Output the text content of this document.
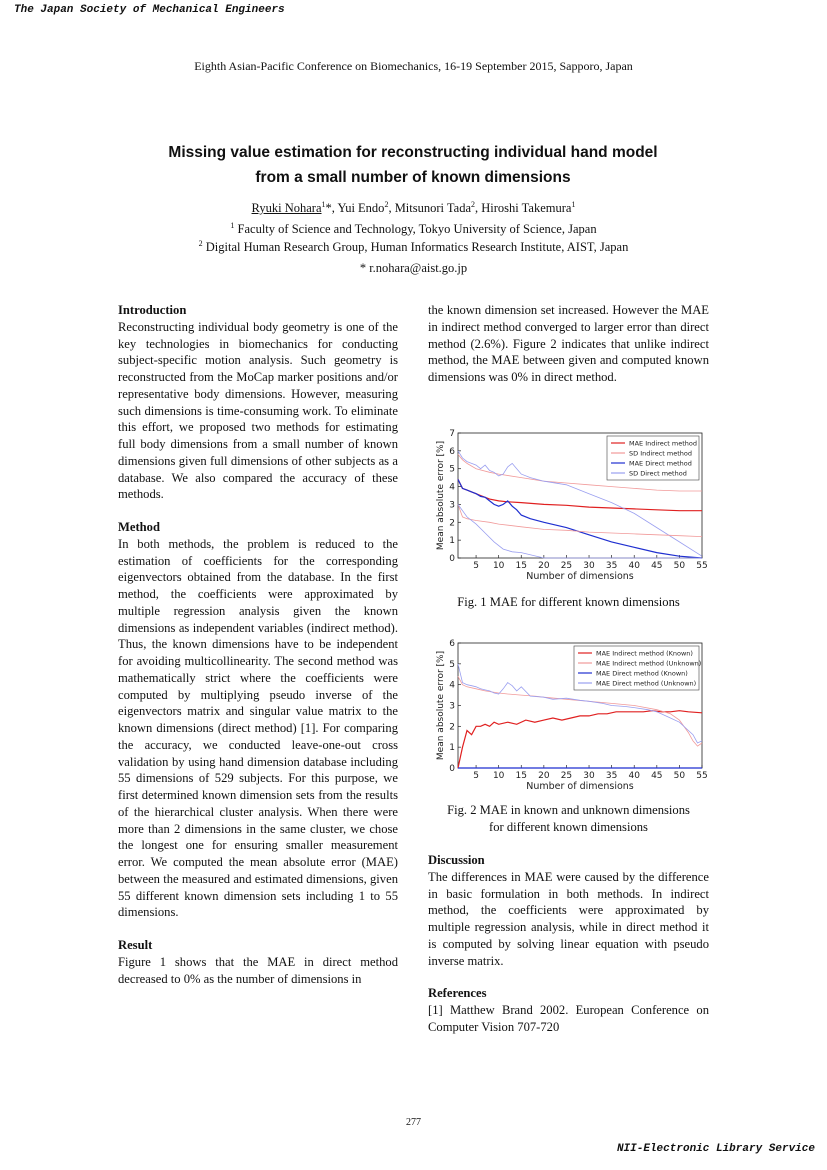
The Japan Society of Mechanical Engineers
Eighth Asian-Pacific Conference on Biomechanics, 16-19 September 2015, Sapporo, Japan
Missing value estimation for reconstructing individual hand model
from a small number of known dimensions
Ryuki Nohara$^1$*, Yui Endo$^2$, Mitsunori Tada$^2$, Hiroshi Takemura$^1$
$^1$ Faculty of Science and Technology, Tokyo University of Science, Japan
$^2$ Digital Human Research Group, Human Informatics Research Institute, AIST, Japan
* r.nohara@aist.go.jp
Introduction
Reconstructing individual body geometry is one of the key technologies in biomechanics for conducting subject-specific motion analysis. Such geometry is reconstructed from the MoCap marker positions and/or representative body dimensions. However, measuring such dimensions is time-consuming work. To eliminate this effort, we proposed two methods for estimating full body dimensions from a small number of known dimensions given full dimensions of other subjects as a database. We also compared the accuracy of these methods.
Method
In both methods, the problem is reduced to the estimation of coefficients for the corresponding eigenvectors obtained from the database. In the first method, the coefficients were approximated by multiple regression analysis given the known dimensions as independent variables (indirect method). Thus, the known dimensions have to be independent for avoiding multicollinearity. The second method was mathematically strict where the coefficients were computed by multiplying pseudo inverse of the eigenvectors matrix and singular value matrix to the known dimensions (direct method) [1]. For comparing the accuracy, we conducted leave-one-out cross validation by using hand dimension database including 55 dimensions of 529 subjects. For this purpose, we first determined known dimension sets from the results of the hierarchical cluster analysis. When there were more than 2 dimensions in the same cluster, we chose the longest one for ensuring smaller measurement error. We computed the mean absolute error (MAE) between the measured and estimated dimensions, given 55 different known dimension sets including 1 to 55 dimensions.
Result
Figure 1 shows that the MAE in direct method decreased to 0% as the number of dimensions in
the known dimension set increased. However the MAE in indirect method converged to larger error than direct method (2.6%). Figure 2 indicates that unlike indirect method, the MAE between given and computed known dimensions was 0% in direct method.
0
1
2
3
4
5
6
7
5 10 15 20 25 30 35 40 45 50 55
Number of dimensions
Mean absolute error [%]	MAE Indirect method
SD Indirect method
MAE Direct method
SD Direct method
Fig. 1 MAE for different known dimensions
0
1
2
3
4
5
6
5 10 15 20 25 30 35 40 45 50 55
Number of dimensions
Mean absolute error [%]	MAE Indirect method (Known)
MAE Indirect method (Unknown)
MAE Direct method (Known)
MAE Direct method (Unknown)
Fig. 2 MAE in known and unknown dimensions
for different known dimensions
Discussion
The differences in MAE were caused by the difference in basic formulation in both methods. In indirect method, the coefficients were approximated by multiple regression analysis, while in direct method it is computed by solving linear equation with pseudo inverse matrix.
References
[1] Matthew Brand 2002. European Conference on Computer Vision 707-720
277
NII-Electronic Library Service
